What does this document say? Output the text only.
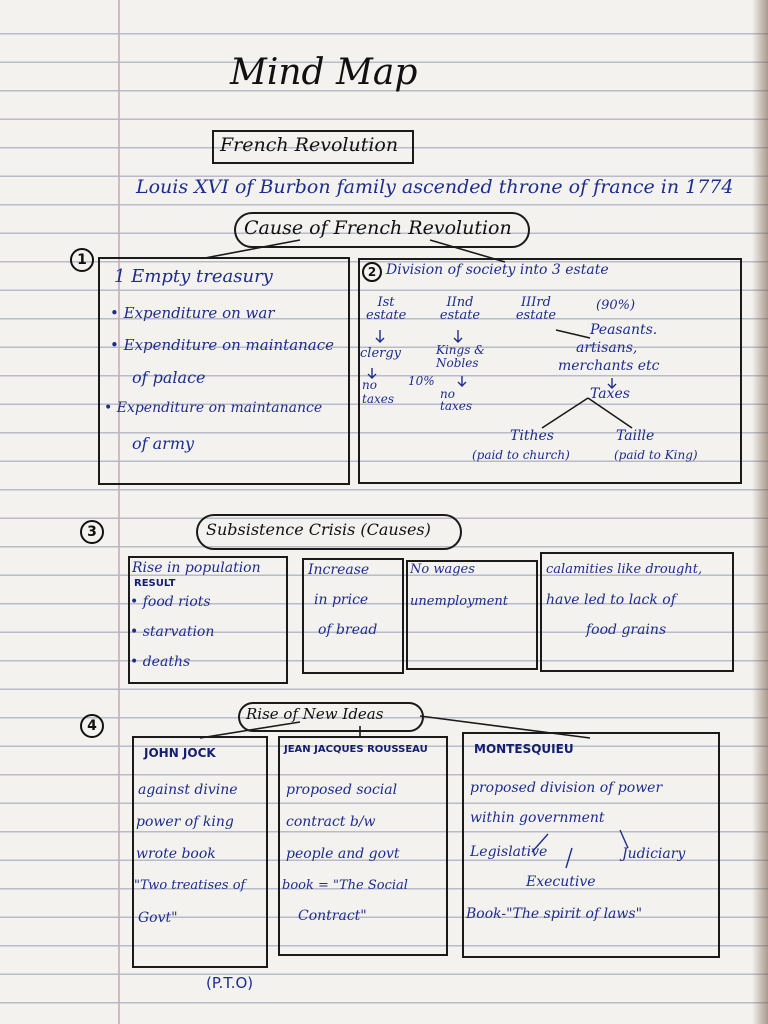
Mind Map
French Revolution
Louis XVI of Burbon family ascended throne of france in 1774
1
Cause of French Revolution
1 Empty treasury
• Expenditure on war
• Expenditure on maintanace
of palace
• Expenditure on maintanance
of army
2 Division of society into 3 estate
Ist estate
IInd estate
IIIrd estate
(90%)
clergy	Kings & Nobles
no taxes
10%
no taxes
Peasants.
artisans,
merchants etc
Taxes
Tithes
(paid to church)
Taille
(paid to King)
3	Subsistence Crisis (Causes)
Rise in population
RESULT
• food riots
• starvation
• deaths
Increase
in price
of bread
No wages
unemployment
calamities like drought,
have led to lack of
food grains
4
Rise of New Ideas
JOHN JOCK
against divine
power of king
wrote book
"Two treatises of
Govt"
JEAN JACQUES ROUSSEAU
proposed social
contract b/w
people and govt
book = "The Social
Contract"
MONTESQUIEU
proposed division of power
within government
Legislative	Judiciary
Executive
Book-"The spirit of laws"
(P.T.O)
